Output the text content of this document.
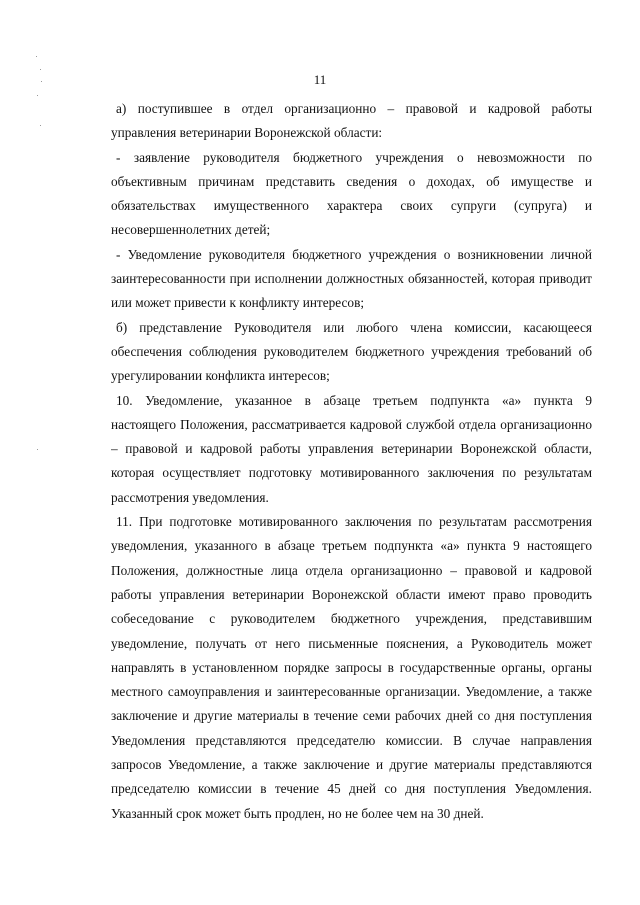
11
а) поступившее в отдел организационно – правовой и кадровой работы
управления ветеринарии Воронежской области:
- заявление руководителя бюджетного учреждения о невозможности по
объективным причинам представить сведения о доходах, об имуществе и
обязательствах имущественного характера своих супруги (супруга) и
несовершеннолетних детей;
- Уведомление руководителя бюджетного учреждения о возникновении личной
заинтересованности при исполнении должностных обязанностей, которая приводит
или может привести к конфликту интересов;
б) представление Руководителя или любого члена комиссии, касающееся
обеспечения соблюдения руководителем бюджетного учреждения требований об
урегулировании конфликта интересов;
10. Уведомление, указанное в абзаце третьем подпункта «а» пункта 9
настоящего Положения, рассматривается кадровой службой отдела организационно
– правовой и кадровой работы управления ветеринарии Воронежской области,
которая осуществляет подготовку мотивированного заключения по результатам
рассмотрения уведомления.
11. При подготовке мотивированного заключения по результатам рассмотрения
уведомления, указанного в абзаце третьем подпункта «а» пункта 9 настоящего
Положения, должностные лица отдела организационно – правовой и кадровой
работы управления ветеринарии Воронежской области имеют право проводить
собеседование с руководителем бюджетного учреждения, представившим
уведомление, получать от него письменные пояснения, а Руководитель может
направлять в установленном порядке запросы в государственные органы, органы
местного самоуправления и заинтересованные организации. Уведомление, а также
заключение и другие материалы в течение семи рабочих дней со дня поступления
Уведомления представляются председателю комиссии. В случае направления
запросов Уведомление, а также заключение и другие материалы представляются
председателю комиссии в течение 45 дней со дня поступления Уведомления.
Указанный срок может быть продлен, но не более чем на 30 дней.
